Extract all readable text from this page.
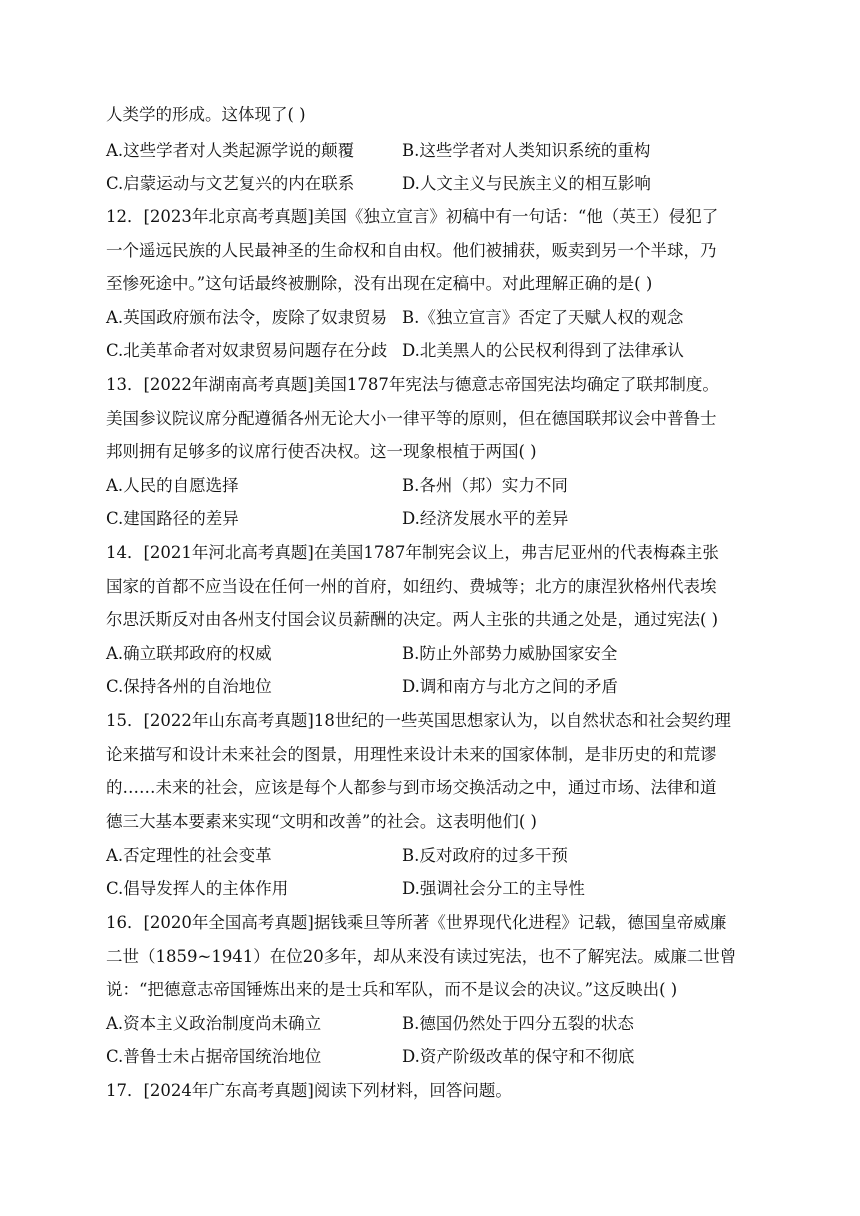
人类学的形成。这体现了( )
A.这些学者对人类起源学说的颠覆	B.这些学者对人类知识系统的重构
C.启蒙运动与文艺复兴的内在联系	D.人文主义与民族主义的相互影响
12．[2023年北京高考真题]美国《独立宣言》初稿中有一句话：“他（英王）侵犯了
一个遥远民族的人民最神圣的生命权和自由权。他们被捕获，贩卖到另一个半球，乃
至惨死途中。”这句话最终被删除，没有出现在定稿中。对此理解正确的是( )
A.英国政府颁布法令，废除了奴隶贸易 B.《独立宣言》否定了天赋人权的观念
C.北美革命者对奴隶贸易问题存在分歧 D.北美黑人的公民权利得到了法律承认
13．[2022年湖南高考真题]美国1787年宪法与德意志帝国宪法均确定了联邦制度。
美国参议院议席分配遵循各州无论大小一律平等的原则，但在德国联邦议会中普鲁士
邦则拥有足够多的议席行使否决权。这一现象根植于两国( )
A.人民的自愿选择	B.各州（邦）实力不同
C.建国路径的差异	D.经济发展水平的差异
14．[2021年河北高考真题]在美国1787年制宪会议上，弗吉尼亚州的代表梅森主张
国家的首都不应当设在任何一州的首府，如纽约、费城等；北方的康涅狄格州代表埃
尔思沃斯反对由各州支付国会议员薪酬的决定。两人主张的共通之处是，通过宪法( )
A.确立联邦政府的权威	B.防止外部势力威胁国家安全
C.保持各州的自治地位	D.调和南方与北方之间的矛盾
15．[2022年山东高考真题]18世纪的一些英国思想家认为，以自然状态和社会契约理
论来描写和设计未来社会的图景，用理性来设计未来的国家体制，是非历史的和荒谬
的……未来的社会，应该是每个人都参与到市场交换活动之中，通过市场、法律和道
德三大基本要素来实现“文明和改善”的社会。这表明他们( )
A.否定理性的社会变革	B.反对政府的过多干预
C.倡导发挥人的主体作用	D.强调社会分工的主导性
16．[2020年全国高考真题]据钱乘旦等所著《世界现代化进程》记载，德国皇帝威廉
二世（1859~1941）在位20多年，却从来没有读过宪法，也不了解宪法。威廉二世曾
说：“把德意志帝国锤炼出来的是士兵和军队，而不是议会的决议。”这反映出( )
A.资本主义政治制度尚未确立	B.德国仍然处于四分五裂的状态
C.普鲁士未占据帝国统治地位	D.资产阶级改革的保守和不彻底
17．[2024年广东高考真题]阅读下列材料，回答问题。
